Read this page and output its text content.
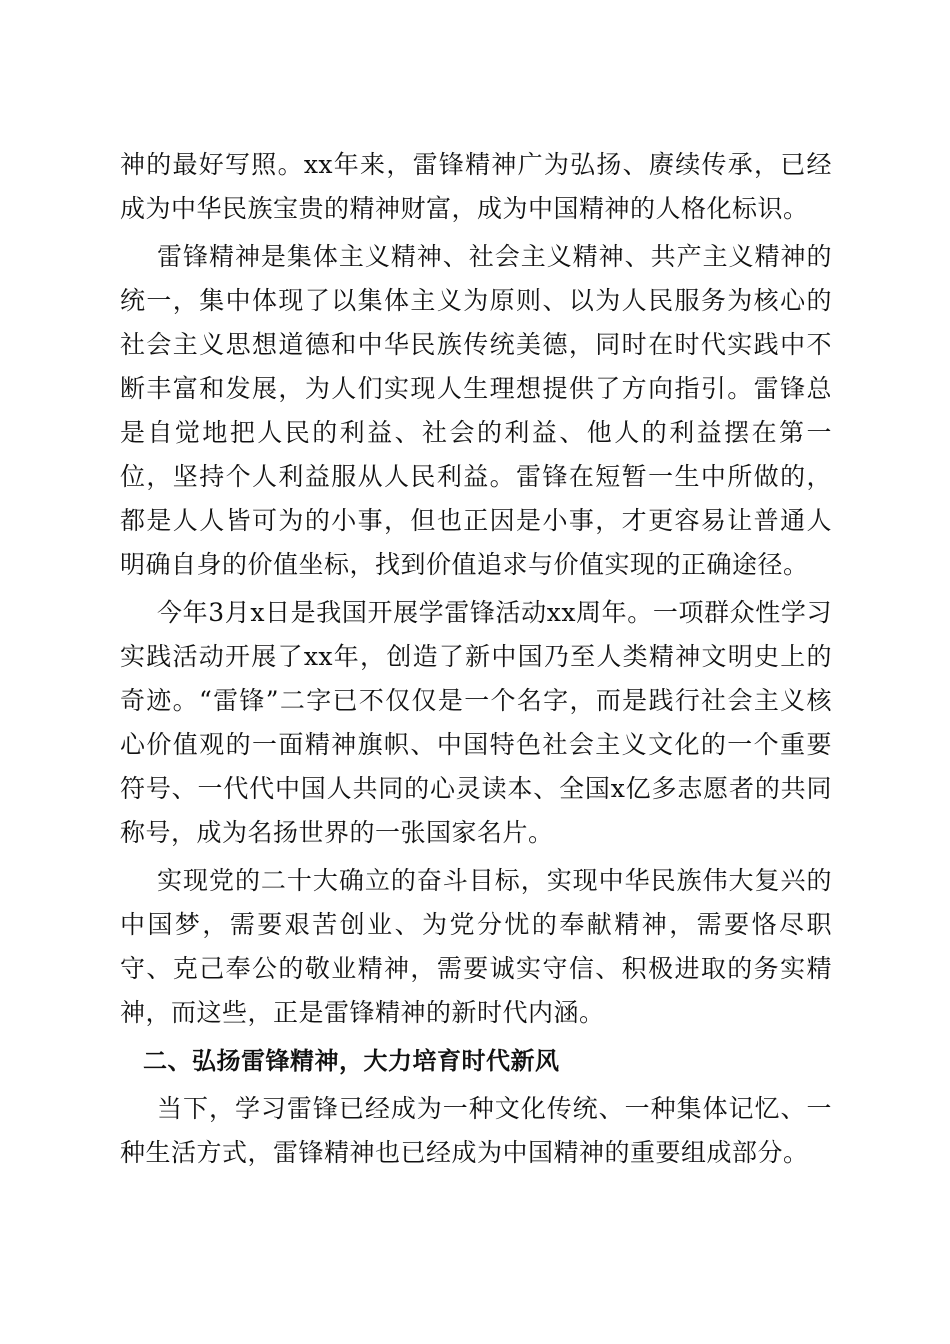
神的最好写照。xx年来，雷锋精神广为弘扬、赓续传承，已经成为中华民族宝贵的精神财富，成为中国精神的人格化标识。

雷锋精神是集体主义精神、社会主义精神、共产主义精神的统一，集中体现了以集体主义为原则、以为人民服务为核心的社会主义思想道德和中华民族传统美德，同时在时代实践中不断丰富和发展，为人们实现人生理想提供了方向指引。雷锋总是自觉地把人民的利益、社会的利益、他人的利益摆在第一位，坚持个人利益服从人民利益。雷锋在短暂一生中所做的，都是人人皆可为的小事，但也正因是小事，才更容易让普通人明确自身的价值坐标，找到价值追求与价值实现的正确途径。

今年3月x日是我国开展学雷锋活动xx周年。一项群众性学习实践活动开展了xx年，创造了新中国乃至人类精神文明史上的奇迹。“雷锋”二字已不仅仅是一个名字，而是践行社会主义核心价值观的一面精神旗帜、中国特色社会主义文化的一个重要符号、一代代中国人共同的心灵读本、全国x亿多志愿者的共同称号，成为名扬世界的一张国家名片。

实现党的二十大确立的奋斗目标，实现中华民族伟大复兴的中国梦，需要艰苦创业、为党分忧的奉献精神，需要恪尽职守、克己奉公的敬业精神，需要诚实守信、积极进取的务实精神，而这些，正是雷锋精神的新时代内涵。

二、弘扬雷锋精神，大力培育时代新风

当下，学习雷锋已经成为一种文化传统、一种集体记忆、一种生活方式，雷锋精神也已经成为中国精神的重要组成部分。
